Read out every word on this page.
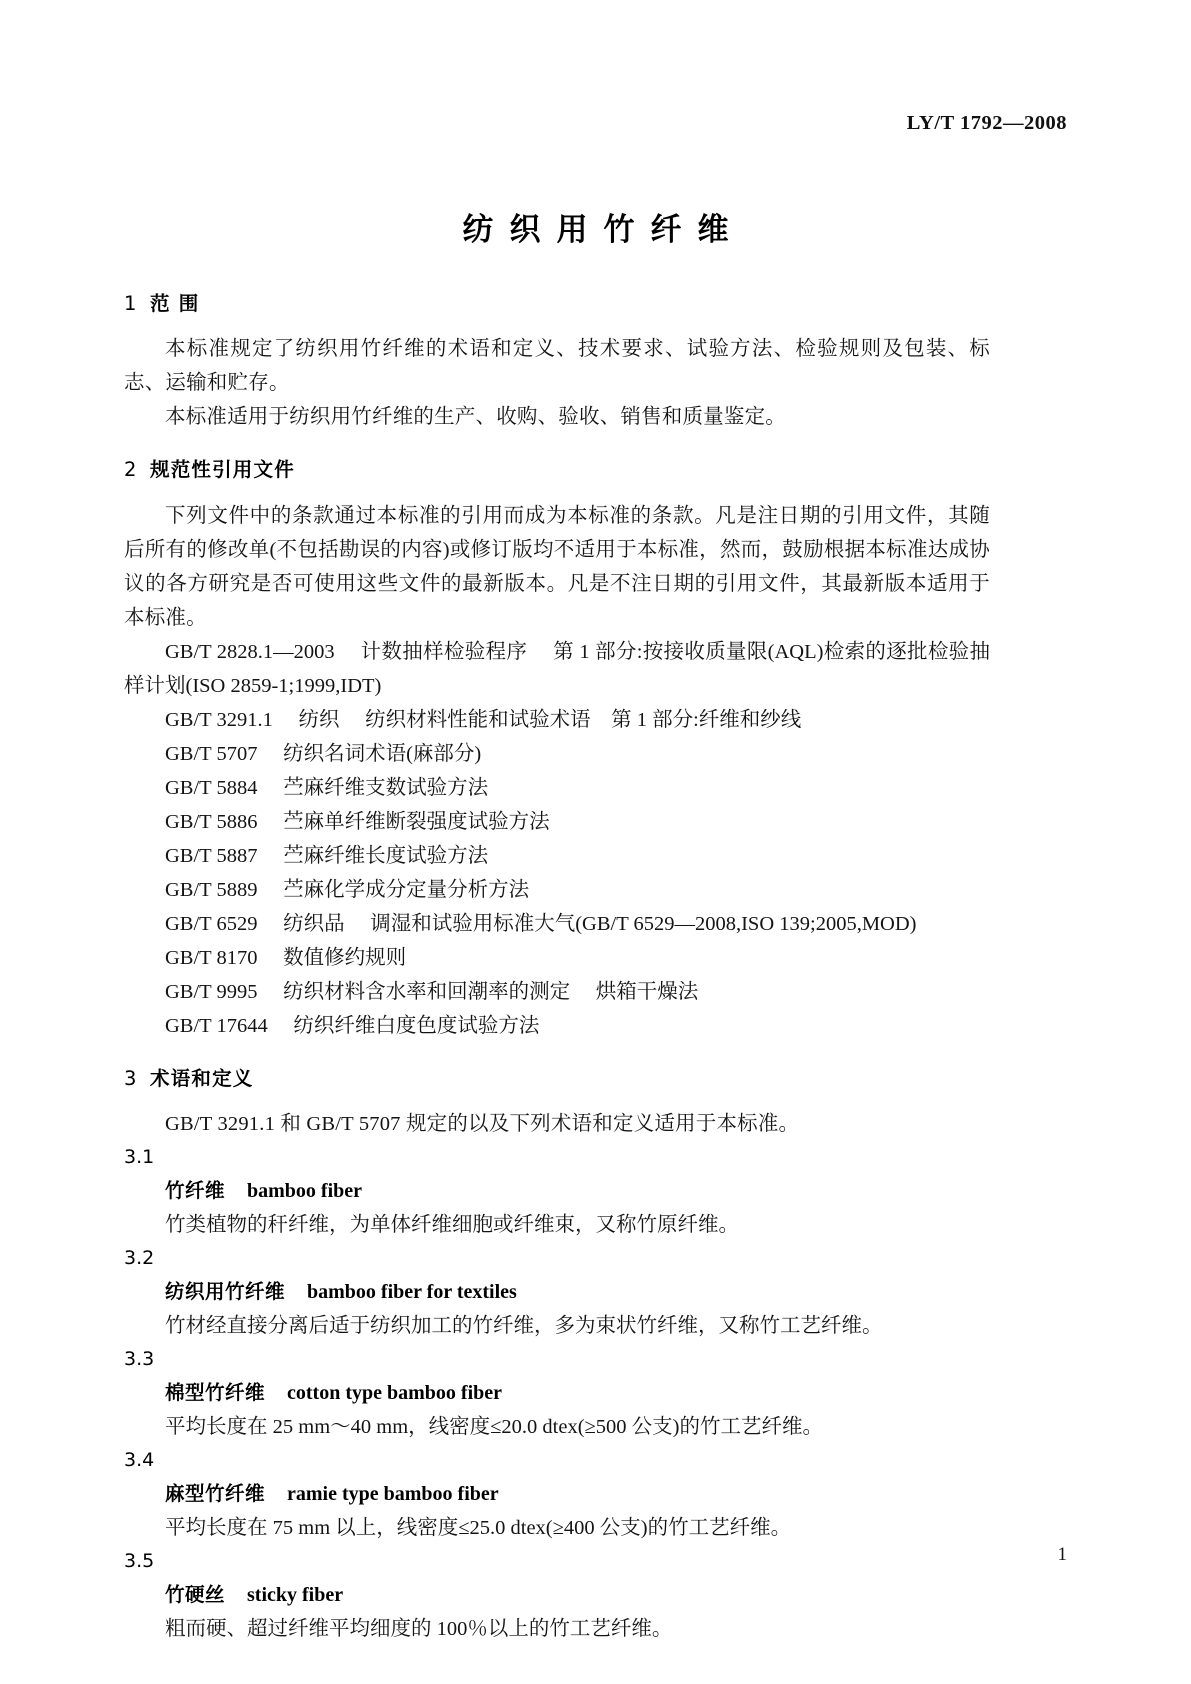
LY/T 1792—2008
纺织用竹纤维
1 范 围

本标准规定了纺织用竹纤维的术语和定义、技术要求、试验方法、检验规则及包装、标志、运输和贮存。

本标准适用于纺织用竹纤维的生产、收购、验收、销售和质量鉴定。

2 规范性引用文件

下列文件中的条款通过本标准的引用而成为本标准的条款。凡是注日期的引用文件，其随后所有的修改单(不包括勘误的内容)或修订版均不适用于本标准，然而，鼓励根据本标准达成协议的各方研究是否可使用这些文件的最新版本。凡是不注日期的引用文件，其最新版本适用于本标准。

GB/T 2828.1—2003 计数抽样检验程序 第 1 部分:按接收质量限(AQL)检索的逐批检验抽样计划(ISO 2859-1;1999,IDT)

GB/T 3291.1 纺织 纺织材料性能和试验术语　第 1 部分:纤维和纱线

GB/T 5707 纺织名词术语(麻部分)

GB/T 5884 苎麻纤维支数试验方法

GB/T 5886 苎麻单纤维断裂强度试验方法

GB/T 5887 苎麻纤维长度试验方法

GB/T 5889 苎麻化学成分定量分析方法

GB/T 6529 纺织品 调湿和试验用标准大气(GB/T 6529—2008,ISO 139;2005,MOD)

GB/T 8170 数值修约规则

GB/T 9995 纺织材料含水率和回潮率的测定 烘箱干燥法

GB/T 17644 纺织纤维白度色度试验方法

3 术语和定义

GB/T 3291.1 和 GB/T 5707 规定的以及下列术语和定义适用于本标准。

3.1

竹纤维 bamboo fiber

竹类植物的秆纤维，为单体纤维细胞或纤维束，又称竹原纤维。

3.2

纺织用竹纤维 bamboo fiber for textiles

竹材经直接分离后适于纺织加工的竹纤维，多为束状竹纤维，又称竹工艺纤维。

3.3

棉型竹纤维 cotton type bamboo fiber

平均长度在 25 mm～40 mm，线密度≤20.0 dtex(≥500 公支)的竹工艺纤维。

3.4

麻型竹纤维 ramie type bamboo fiber

平均长度在 75 mm 以上，线密度≤25.0 dtex(≥400 公支)的竹工艺纤维。

3.5

竹硬丝 sticky fiber

粗而硬、超过纤维平均细度的 100％以上的竹工艺纤维。

1
